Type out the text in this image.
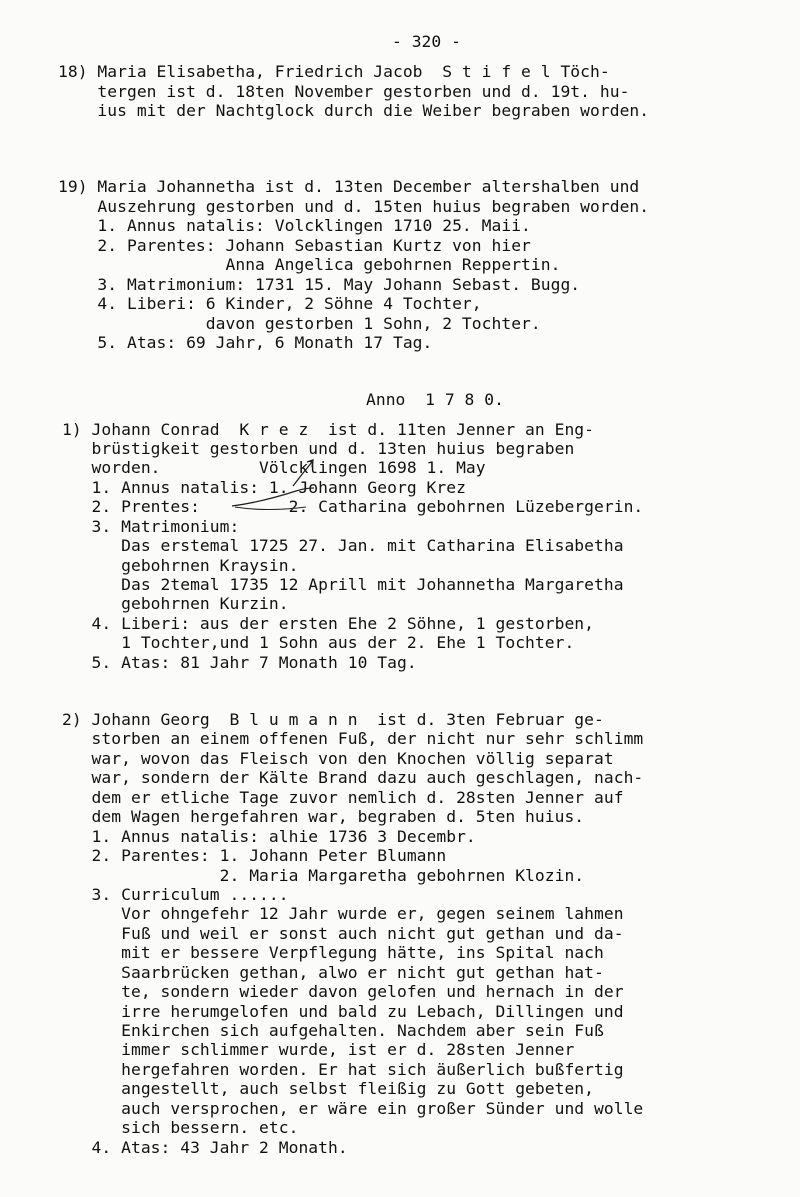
- 320 -
18) Maria Elisabetha, Friedrich Jacob  S t i f e l Töch-
tergen ist d. 18ten November gestorben und d. 19t. hu-
ius mit der Nachtglock durch die Weiber begraben worden.
19) Maria Johannetha ist d. 13ten December altershalben und
Auszehrung gestorben und d. 15ten huius begraben worden.
1. Annus natalis: Volcklingen 1710 25. Maii.
2. Parentes: Johann Sebastian Kurtz von hier
Anna Angelica gebohrnen Reppertin.
3. Matrimonium: 1731 15. May Johann Sebast. Bugg.
4. Liberi: 6 Kinder, 2 Söhne 4 Tochter,
davon gestorben 1 Sohn, 2 Tochter.
5. Atas: 69 Jahr, 6 Monath 17 Tag.
Anno  1 7 8 0.
1) Johann Conrad  K r e z  ist d. 11ten Jenner an Eng-
brüstigkeit gestorben und d. 13ten huius begraben
worden.          Völcklingen 1698 1. May
1. Annus natalis: 1. Johann Georg Krez
2. Prentes:         2. Catharina gebohrnen Lüzebergerin.
3. Matrimonium:
Das erstemal 1725 27. Jan. mit Catharina Elisabetha
gebohrnen Kraysin.
Das 2temal 1735 12 Aprill mit Johannetha Margaretha
gebohrnen Kurzin.
4. Liberi: aus der ersten Ehe 2 Söhne, 1 gestorben,
1 Tochter,und 1 Sohn aus der 2. Ehe 1 Tochter.
5. Atas: 81 Jahr 7 Monath 10 Tag.
2) Johann Georg  B l u m a n n  ist d. 3ten Februar ge-
storben an einem offenen Fuß, der nicht nur sehr schlimm
war, wovon das Fleisch von den Knochen völlig separat
war, sondern der Kälte Brand dazu auch geschlagen, nach-
dem er etliche Tage zuvor nemlich d. 28sten Jenner auf
dem Wagen hergefahren war, begraben d. 5ten huius.
1. Annus natalis: alhie 1736 3 Decembr.
2. Parentes: 1. Johann Peter Blumann
2. Maria Margaretha gebohrnen Klozin.
3. Curriculum ......
Vor ohngefehr 12 Jahr wurde er, gegen seinem lahmen
Fuß und weil er sonst auch nicht gut gethan und da-
mit er bessere Verpflegung hätte, ins Spital nach
Saarbrücken gethan, alwo er nicht gut gethan hat-
te, sondern wieder davon gelofen und hernach in der
irre herumgelofen und bald zu Lebach, Dillingen und
Enkirchen sich aufgehalten. Nachdem aber sein Fuß
immer schlimmer wurde, ist er d. 28sten Jenner
hergefahren worden. Er hat sich äußerlich bußfertig
angestellt, auch selbst fleißig zu Gott gebeten,
auch versprochen, er wäre ein großer Sünder und wolle
sich bessern. etc.
4. Atas: 43 Jahr 2 Monath.
